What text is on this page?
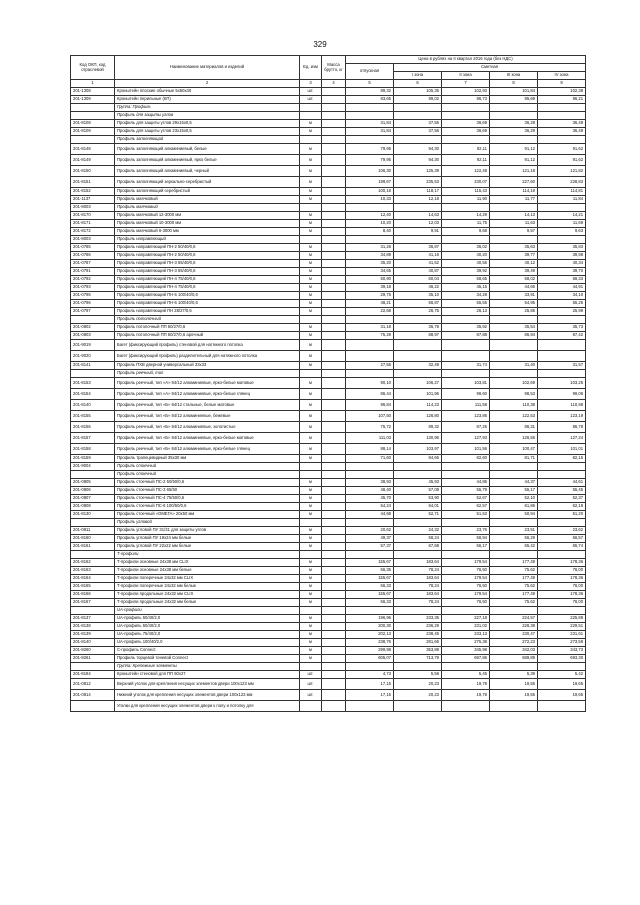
329
Код ОКП, код отраслевой	Наименование материалов и изделий	Ед. изм	Масса брутто, кг	Цена в рублях на II квартал 2016 года (без НДС)				
				отпускная	Сметная			
					I зона	II зона	III зона	IV зона
1	2	3	4	5	6	7	8	9
201-1308	Кронштейн плоские обычные 5х50х40	шт.		89,32	105,35	102,93	101,84	102,38
201-1309	Кронштейн перильные (КП)	шт.		83,65	99,02	96,73	95,69	96,21
	Группа: Профиль							
	Профиль для защиты углов							
201-8108	Профиль для защиты углов 29х15х0,5	м		31,84	37,55	36,69	36,28	36,49
201-8109	Профиль для защиты углов 23х15х0,5	м		31,84	37,56	36,69	36,29	36,49
	Профиль заполняющий							
201-8148	Профиль заполняющий алюминиевый, белые	м		79,95	94,30	92,11	91,12	91,62
201-8149	Профиль заполняющий алюминиевый, ярко белые	м		79,95	94,30	92,11	91,12	91,62
201-8150	Профиль заполняющий алюминиевый, черный	м		106,30	125,39	122,48	121,18	121,82
201-8151	Профиль заполняющий зеркально-серебристый	м		199,67	235,53	230,07	227,60	228,83
201-8152	Профиль заполняющий серебристый	м		100,18	118,17	115,43	114,19	114,81
201-1137	Профиль маячковый	м		10,33	12,18	11,90	11,77	11,84
201-8003	Профиль маячковый							
201-8170	Профиль маячковый 12-3000 мм	м		12,40	14,63	14,29	14,13	14,21
201-8171	Профиль маячковый 10-3000 мм	м		10,20	12,03	11,75	11,63	11,69
201-8172	Профиль маячковый 6-3000 мм	м		8,40	9,91	9,68	9,57	9,63
201-8003	Профиль направляющий							
201-0785	Профиль направляющий ПН-2 50/40/0,6	м		31,26	36,87	36,02	35,63	35,83
201-0786	Профиль направляющий ПН-2 50/40/0,6	м		34,89	41,16	40,20	39,77	39,98
201-0787	Профиль направляющий ПН-3 65/40/0,6	м		35,20	41,52	40,56	40,12	40,34
201-0791	Профиль направляющий ПН-3 65/40/0,6	м		34,65	40,87	39,92	39,49	39,70
201-0792	Профиль направляющий ПН-4 75/40/0,6	м		50,90	60,04	58,65	58,02	58,33
201-0793	Профиль направляющий ПН-4 75/40/0,6	м		39,18	46,22	45,15	44,66	44,91
201-0795	Профиль направляющий ПН-5 100/40/0,6	м		29,75	35,10	34,28	33,91	34,10
201-0796	Профиль направляющий ПН-6 100/40/0,6	м		48,21	56,87	55,55	54,95	55,25
201-0797	Профиль направляющий ПН 28/27/0,6	м		22,68	26,75	26,13	25,85	25,99
	Профиль потолочный							
201-0802	Профиль потолочный ПП 60/27/0,6	м		31,18	36,78	35,92	35,54	35,73
201-0803	Профиль потолочный ПП 60/27/0,6 арочный	м		75,28	88,97	87,88	86,94	87,42
201-9019	Багет (фиксирующий профиль) стеновой для натяжного потолка	м						
201-9020	Багет (фиксирующий профиль) разделительный для натяжного потолка	м						
201-8141	Профиль ПХВ дверной универсальный 33х33	м		27,55	32,49	31,74	31,40	31,57
	Профиль реечный, тип							
201-8153	Профиль реечный, тип «А» 84/12 алюминиевые, ярко-белые матовые	м		90,10	106,27	103,81	102,69	103,25
201-8154	Профиль реечный, тип «А» 84/12 алюминиевые, ярко-белые глянец	м		86,44	101,96	99,60	98,53	99,06
201-8140	Профиль реечный, тип «Б» 84/12 стальные, белые матовые	м		96,84	114,23	111,58	110,38	110,98
201-8155	Профиль реечный, тип «Б» 84/12 алюминиевые, бежевые	м		107,50	126,80	123,86	122,53	123,19
201-8156	Профиль реечный, тип «Б» 84/12 алюминиевые, золотистые	м		75,72	89,32	87,25	86,31	86,78
201-8157	Профиль реечный, тип «Б» 84/12 алюминиевые, ярко-белые матовые	м		111,03	130,96	127,93	126,55	127,24
201-8158	Профиль реечный, тип «Б» 84/12 алюминиевые, ярко-белые глянец	м		88,14	103,97	101,56	100,47	101,01
201-8159	Профиль трапецевидный 35х30 мм	м		71,60	84,66	82,60	81,71	82,15
201-9004	Профиль стоечный							
	Профиль стоечный							
201-0805	Профиль стоечный ПС-2 50/50/0,6	м		38,93	45,93	44,86	44,37	44,61
201-0806	Профиль стоечный ПС-3 65/50	м		48,40	57,08	55,79	55,17	55,45
201-0807	Профиль стоечный ПС-4 75/50/0,6	м		45,70	53,90	52,67	52,10	52,37
201-0808	Профиль стоечный ПС-6 100/50/0,6	м		54,24	64,01	62,57	61,86	62,18
201-8130	Профиль стоечный «ОМЕГА» 20х50 мм	м		44,68	52,71	51,53	50,94	51,20
	Профиль угловой							
201-0811	Профиль угловой ПУ 31/31 для защиты углов	м		20,62	24,32	23,76	23,51	23,62
201-8160	Профиль угловой ПУ 19х24 мм белые	м		49,37	58,24	56,94	56,29	56,57
201-8161	Профиль угловой ПУ 22х22 мм белые	м		57,37	67,68	66,17	65,42	65,74
	Т-профили							
201-8162	Т-профили основные 24х38 мм CLIX	м		155,67	183,64	179,54	177,49	178,36
201-8163	Т-профили основные 24х38 мм белые	м		66,35	78,24	76,50	75,62	76,00
201-8164	Т-профили поперечные 24х32 мм CLIX	м		155,67	183,64	179,54	177,49	178,36
201-8165	Т-профили поперечные 24х32 мм белые	м		66,33	78,24	76,50	75,62	76,00
201-8166	Т-профили продольные 24х32 мм CLIX	м		155,67	183,64	179,54	177,49	178,36
201-8167	Т-профили продольные 24х32 мм белые	м		66,33	78,24	76,50	75,62	76,00
	UA-профили							
201-8137	UA-профиль 50/40/2,0	м		196,96	233,35	227,18	224,57	225,88
201-8138	UA-профиль 50/40/2,0	м		200,30	236,29	231,02	228,38	229,51
201-8139	UA-профиль 75/40/2,0	м		202,13	238,45	233,13	230,47	231,61
201-8140	UA-профиль 100/40/2,0	м		238,76	281,66	275,38	272,23	273,58
201-8260	С-профиль Connect	м		299,98	353,88	345,98	342,03	343,73
201-8261	Профиль торцевой теневой Connect	м		605,07	713,79	697,86	689,89	693,30
	Группа: Крепежные элементы							
201-8184	Кронштейн стеновой для ПП 60х27	шт.		4,73	5,58	5,45	5,39	5,42
201-0812	Верхний уголок для крепления несущих элементов двери 100х123 мм	шт.		17,15	20,23	19,78	19,55	19,65
201-0814	Нижний уголок для крепления несущих элементов двери 100х123 мм	шт.		17,15	20,23	19,78	19,55	19,65
	Уголки для крепления несущих элементов двери к полу и потолку для							
